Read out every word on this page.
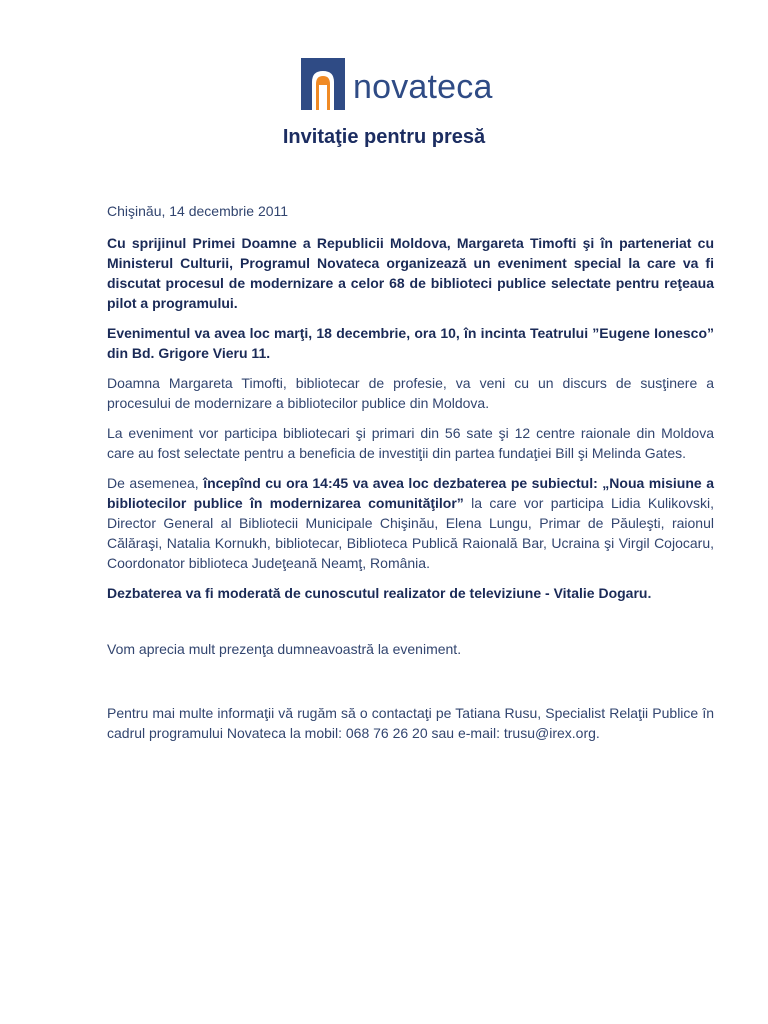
novateca
Invitaţie pentru presă

Chişinău, 14 decembrie 2011

Cu sprijinul Primei Doamne a Republicii Moldova, Margareta Timofti şi în parteneriat cu Ministerul Culturii, Programul Novateca organizează un eveniment special la care va fi discutat procesul de modernizare a celor 68 de biblioteci publice selectate pentru reţeaua pilot a programului.

Evenimentul va avea loc marţi, 18 decembrie, ora 10, în incinta Teatrului ”Eugene Ionesco” din Bd. Grigore Vieru 11.

Doamna Margareta Timofti, bibliotecar de profesie, va veni cu un discurs de susţinere a procesului de modernizare a bibliotecilor publice din Moldova.

La eveniment vor participa bibliotecari şi primari din 56 sate şi 12 centre raionale din Moldova care au fost selectate pentru a beneficia de investiţii din partea fundaţiei Bill şi Melinda Gates.

De asemenea, începînd cu ora 14:45 va avea loc dezbaterea pe subiectul: „Noua misiune a bibliotecilor publice în modernizarea comunităţilor” la care vor participa Lidia Kulikovski, Director General al Bibliotecii Municipale Chişinău, Elena Lungu, Primar de Păuleşti, raionul Călăraşi, Natalia Kornukh, bibliotecar, Biblioteca Publică Raională Bar, Ucraina şi Virgil Cojocaru, Coordonator biblioteca Judeţeană Neamţ, România.

Dezbaterea va fi moderată de cunoscutul realizator de televiziune - Vitalie Dogaru.

Vom aprecia mult prezenţa dumneavoastră la eveniment.

Pentru mai multe informaţii vă rugăm să o contactaţi pe Tatiana Rusu, Specialist Relaţii Publice în cadrul programului Novateca la mobil: 068 76 26 20 sau e-mail: trusu@irex.org.
